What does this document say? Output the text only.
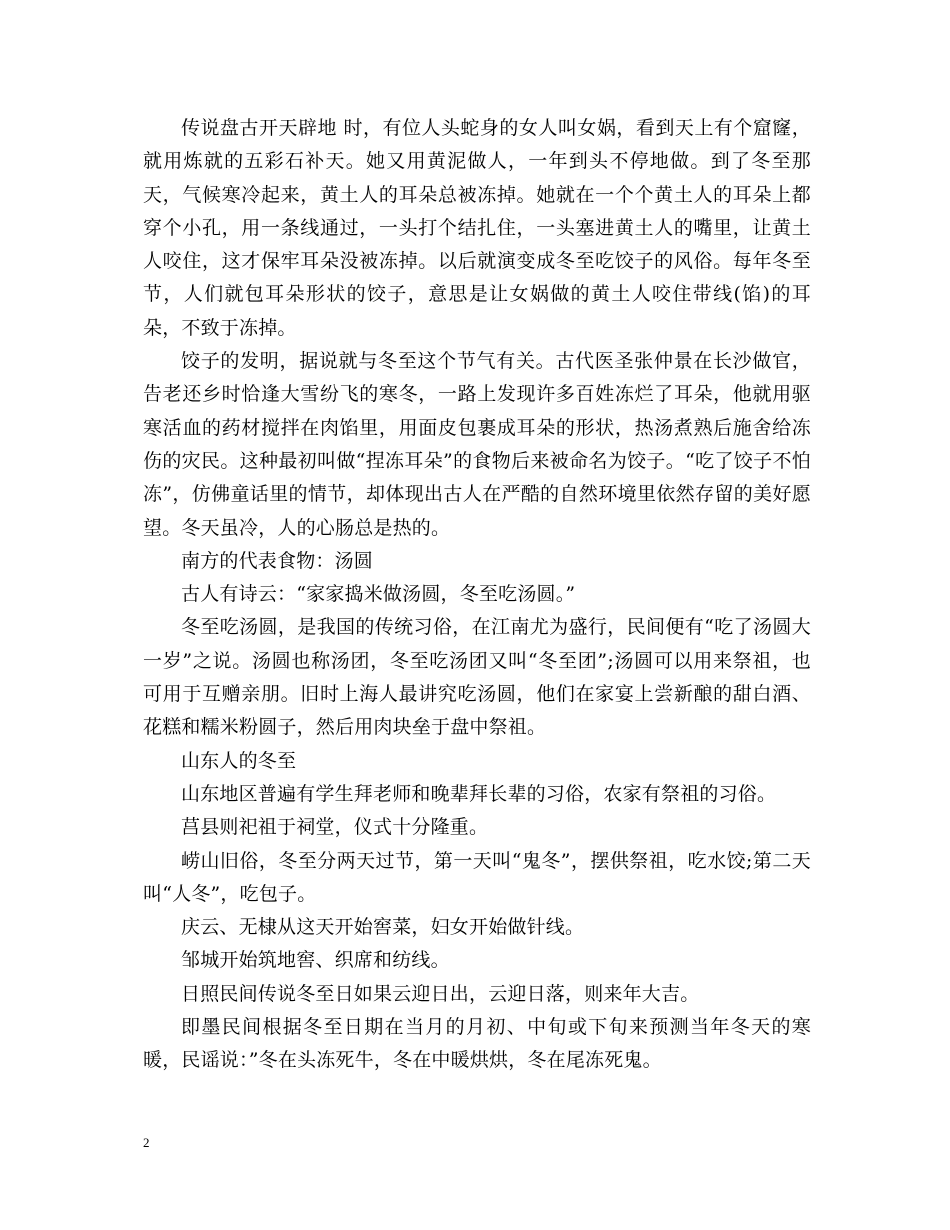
传说盘古开天辟地 时，有位人头蛇身的女人叫女娲，看到天上有个窟窿，就用炼就的五彩石补天。她又用黄泥做人，一年到头不停地做。到了冬至那天，气候寒冷起来，黄土人的耳朵总被冻掉。她就在一个个黄土人的耳朵上都穿个小孔，用一条线通过，一头打个结扎住，一头塞进黄土人的嘴里，让黄土人咬住，这才保牢耳朵没被冻掉。以后就演变成冬至吃饺子的风俗。每年冬至节，人们就包耳朵形状的饺子，意思是让女娲做的黄土人咬住带线(馅)的耳朵，不致于冻掉。

饺子的发明，据说就与冬至这个节气有关。古代医圣张仲景在长沙做官，告老还乡时恰逢大雪纷飞的寒冬，一路上发现许多百姓冻烂了耳朵，他就用驱寒活血的药材搅拌在肉馅里，用面皮包裹成耳朵的形状，热汤煮熟后施舍给冻伤的灾民。这种最初叫做“捏冻耳朵”的食物后来被命名为饺子。“吃了饺子不怕冻”，仿佛童话里的情节，却体现出古人在严酷的自然环境里依然存留的美好愿望。冬天虽冷，人的心肠总是热的。

南方的代表食物：汤圆

古人有诗云：“家家捣米做汤圆，冬至吃汤圆。”

冬至吃汤圆，是我国的传统习俗，在江南尤为盛行，民间便有“吃了汤圆大一岁”之说。汤圆也称汤团，冬至吃汤团又叫“冬至团”;汤圆可以用来祭祖，也可用于互赠亲朋。旧时上海人最讲究吃汤圆，他们在家宴上尝新酿的甜白酒、花糕和糯米粉圆子，然后用肉块垒于盘中祭祖。

山东人的冬至

山东地区普遍有学生拜老师和晚辈拜长辈的习俗，农家有祭祖的习俗。

莒县则祀祖于祠堂，仪式十分隆重。

崂山旧俗，冬至分两天过节，第一天叫“鬼冬”，摆供祭祖，吃水饺;第二天叫“人冬”，吃包子。

庆云、无棣从这天开始窖菜，妇女开始做针线。

邹城开始筑地窖、织席和纺线。

日照民间传说冬至日如果云迎日出，云迎日落，则来年大吉。

即墨民间根据冬至日期在当月的月初、中旬或下旬来预测当年冬天的寒暖，民谣说：”冬在头冻死牛，冬在中暖烘烘，冬在尾冻死鬼。

2
